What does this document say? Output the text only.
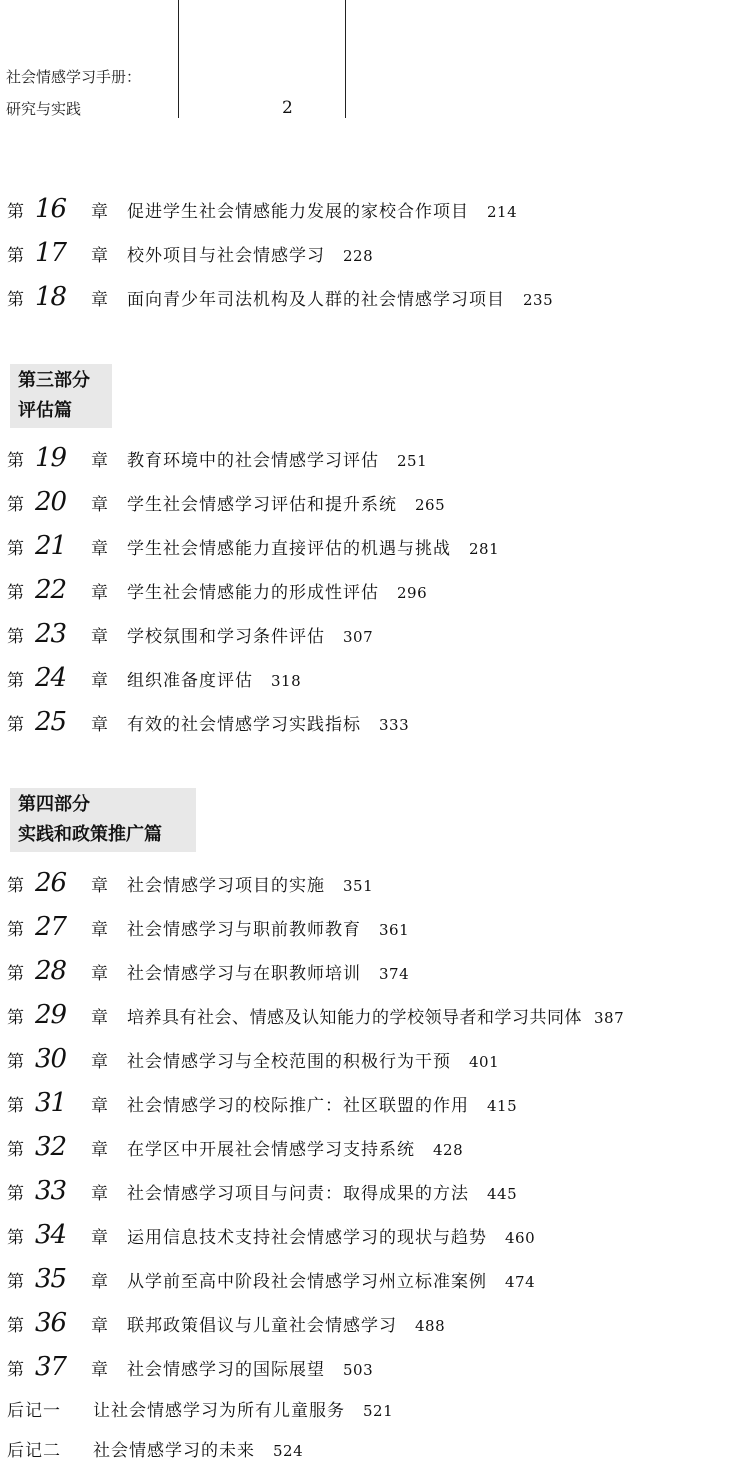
社会情感学习手册：
研究与实践	2
第 16 章 促进学生社会情感能力发展的家校合作项目 214
第 17 章 校外项目与社会情感学习 228
第 18 章 面向青少年司法机构及人群的社会情感学习项目 235
第三部分
评估篇
第 19 章 教育环境中的社会情感学习评估 251
第 20 章 学生社会情感学习评估和提升系统 265
第 21 章 学生社会情感能力直接评估的机遇与挑战 281
第 22 章 学生社会情感能力的形成性评估 296
第 23 章 学校氛围和学习条件评估 307
第 24 章 组织准备度评估 318
第 25 章 有效的社会情感学习实践指标 333
第四部分
实践和政策推广篇
第 26 章 社会情感学习项目的实施 351
第 27 章 社会情感学习与职前教师教育 361
第 28 章 社会情感学习与在职教师培训 374
第 29 章 培养具有社会、情感及认知能力的学校领导者和学习共同体 387
第 30 章 社会情感学习与全校范围的积极行为干预 401
第 31 章 社会情感学习的校际推广：社区联盟的作用 415
第 32 章 在学区中开展社会情感学习支持系统 428
第 33 章 社会情感学习项目与问责：取得成果的方法 445
第 34 章 运用信息技术支持社会情感学习的现状与趋势 460
第 35 章 从学前至高中阶段社会情感学习州立标准案例 474
第 36 章 联邦政策倡议与儿童社会情感学习 488
第 37 章 社会情感学习的国际展望 503
后记一 让社会情感学习为所有儿童服务 521
后记二 社会情感学习的未来 524
